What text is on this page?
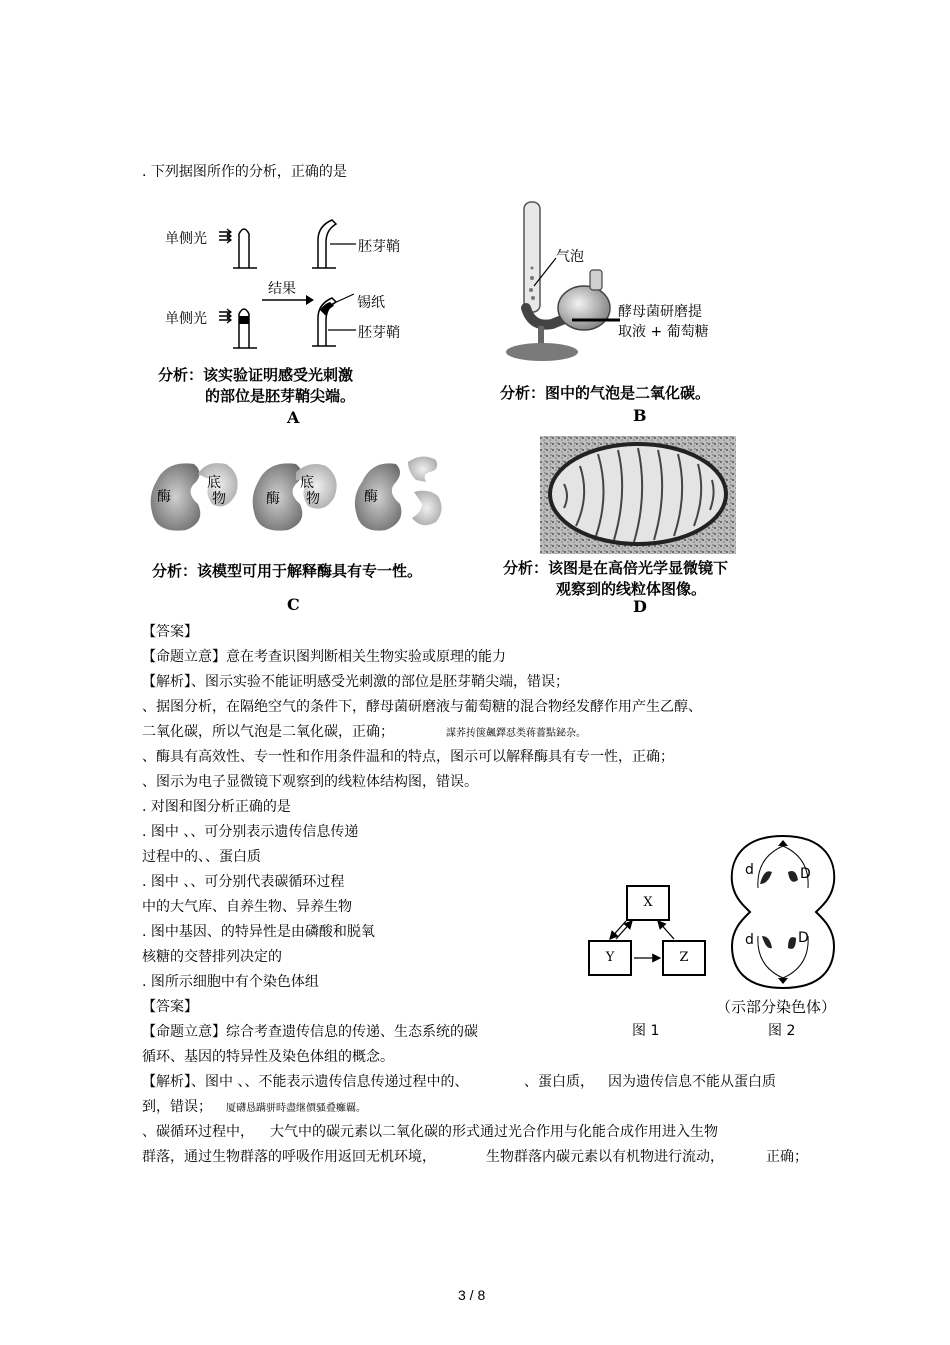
. 下列据图所作的分析，正确的是
单侧光	胚芽鞘
结果
单侧光
锡纸
胚芽鞘
分析：该实验证明感受光刺激
的部位是胚芽鞘尖端。
A
气泡
酵母菌研磨提
取液 + 葡萄糖
分析：图中的气泡是二氧化碳。
B
酶
底
物	酶
底
物	酶
分析：该模型可用于解释酶具有专一性。
C
分析：该图是在高倍光学显微镜下
观察到的线粒体图像。
D
【答案】
【命题立意】意在考查识图判断相关生物实验或原理的能力
【解析】、图示实验不能证明感受光刺激的部位是胚芽鞘尖端，错误；
、据图分析，在隔绝空气的条件下，酵母菌研磨液与葡萄糖的混合物经发酵作用产生乙醇、
二氧化碳，所以气泡是二氧化碳，正确；	謀荞抟箧飆鐸怼类蒋薔點鉍杂。
、酶具有高效性、专一性和作用条件温和的特点，图示可以解释酶具有专一性，正确；
、图示为电子显微镜下观察到的线粒体结构图，错误。
. 对图和图分析正确的是
. 图中 、、可分别表示遗传信息传递
过程中的、、蛋白质
. 图中 、、可分别代表碳循环过程
中的大气库、自养生物、异养生物
. 图中基因、的特异性是由磷酸和脱氧
核糖的交替排列决定的
. 图所示细胞中有个染色体组
【答案】
【命题立意】综合考查遗传信息的传递、生态系统的碳
循环、基因的特异性及染色体组的概念。
【解析】、图中 、、不能表示遗传信息传递过程中的、	、蛋白质， 因为遗传信息不能从蛋白质
到，错误； 厦礴恳蹒骈時盡继價骚叠癱覊。
、碳循环过程中， 大气中的碳元素以二氧化碳的形式通过光合作用与化能合成作用进入生物
群落，通过生物群落的呼吸作用返回无机环境，	生物群落内碳元素以有机物进行流动，	正确；
X
Y	Z
图 1
d	D
d	D
（示部分染色体）
图 2
3 / 8
